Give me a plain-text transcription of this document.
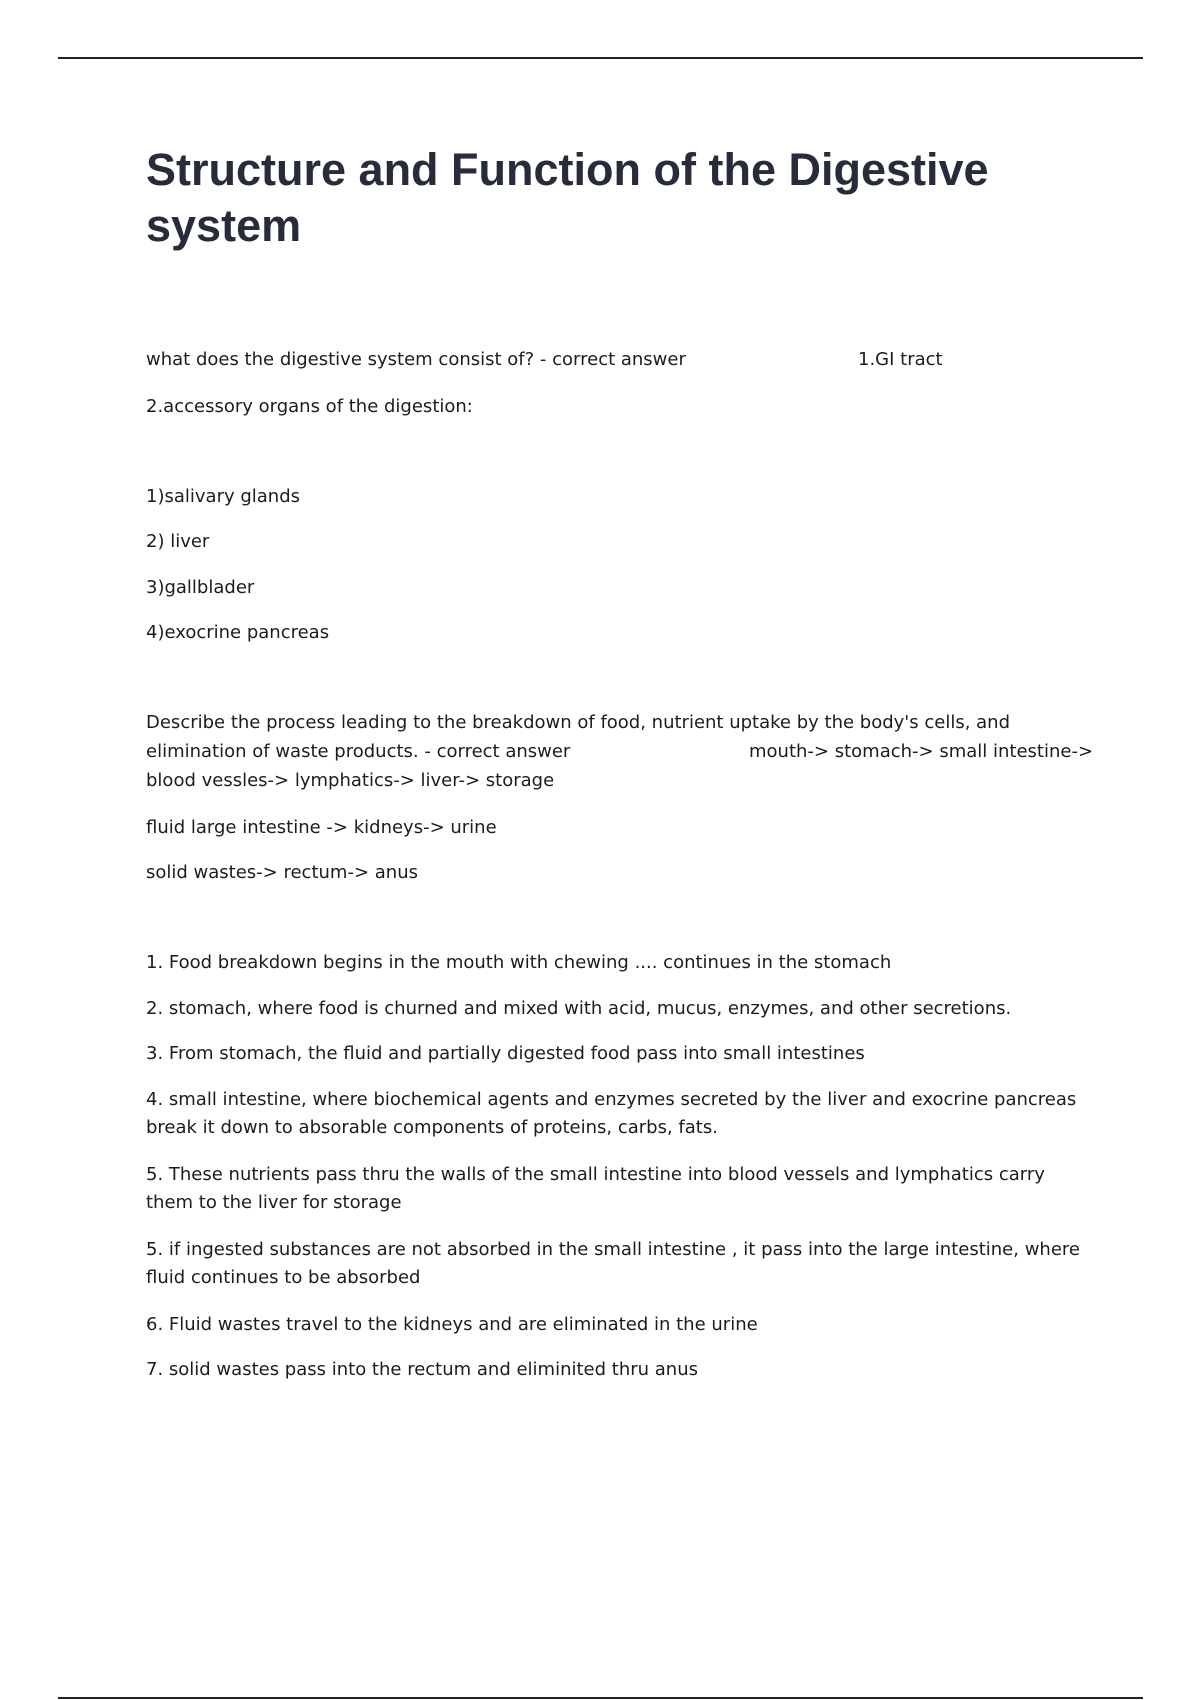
Structure and Function of the Digestive system

what does the digestive system consist of? - correct answer	1.GI tract

2.accessory organs of the digestion:

1)salivary glands

2) liver

3)gallblader

4)exocrine pancreas

Describe the process leading to the breakdown of food, nutrient uptake by the body's cells, and

elimination of waste products. - correct answer	mouth-> stomach-> small intestine->

blood vessles-> lymphatics-> liver-> storage

fluid large intestine -> kidneys-> urine

solid wastes-> rectum-> anus

1. Food breakdown begins in the mouth with chewing .... continues in the stomach

2. stomach, where food is churned and mixed with acid, mucus, enzymes, and other secretions.

3. From stomach, the fluid and partially digested food pass into small intestines

4. small intestine, where biochemical agents and enzymes secreted by the liver and exocrine pancreas break it down to absorable components of proteins, carbs, fats.

5. These nutrients pass thru the walls of the small intestine into blood vessels and lymphatics carry them to the liver for storage

5. if ingested substances are not absorbed in the small intestine , it pass into the large intestine, where fluid continues to be absorbed

6. Fluid wastes travel to the kidneys and are eliminated in the urine

7. solid wastes pass into the rectum and eliminited thru anus
